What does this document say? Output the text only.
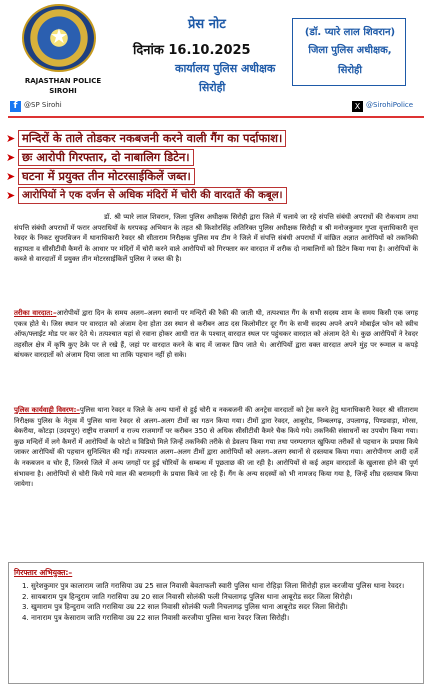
★
RAJASTHAN POLICE
SIROHI
प्रेस नोट
दिनांक 16.10.2025
कार्यालय पुलिस अधीक्षक
सिरोही
(डॉ. प्यारे लाल शिवरान)
जिला पुलिस अधीक्षक,
सिरोही
f @SP Sirohi	X @SirohiPolice
➤ मन्दिरों के ताले तोडकर नकबजनी करने वाली गैंग का पर्दाफाश।
➤ छः आरोपी गिरफ्तार, दो नाबालिग डिटेन।
➤ घटना में प्रयुक्त तीन मोटरसाईकिलें जब्त।
➤ आरोपियों ने एक दर्जन से अधिक मंदिरों में चोरी की वारदातें की कबूल।
डॉ. श्री प्यारे लाल शिवरान, जिला पुलिस अधीक्षक सिरोही द्वारा जिले में चलाये जा रहे संपत्ति संबंधी अपराधों की रोकथाम तथा संपत्ति संबंधी अपराधों में फरार अपराधियों के धरपकड़ अभियान के तहत श्री किशोरसिंह अतिरिक्त पुलिस अधीक्षक सिरोही व श्री मनोजकुमार गुप्ता वृत्ताधिकारी वृत्त रेवदर के निकट सुपरविजन में थानाधिकारी रेवदर श्री सीताराम निरीक्षक पुलिस मय टीम ने जिले में संपत्ति संबंधी अपराधों में वांछित अज्ञात आरोपियों को तकनिकी सहायता व सीसीटीवी कैमरों के आधार पर मंदिरों में चोरी करने वाले आरोपियों को गिरफ्तार कर वारदात में शरीक दो नाबालिगों को डिटेन किया गया है। आरोपियों के कब्जे से वारदातों में प्रयुक्त तीन मोटरसाईकिलें पुलिस ने जब्त की है।
तरीका वारदात:–आरोपीयों द्वारा दिन के समय अलग–अलग स्थानों पर मन्दिरों की रैकी की जाती थी, तत्पश्चात गैंग के सभी सदस्य शाम के समय किसी एक जगह एकत्र होते थे। जिस स्थान पर वारदात को अंजाम देना होता उस स्थान से करीबन आठ दस किलोमीटर दूर गैंग के सभी सदस्य अपने अपने मोबाईल फोन को स्वीच ऑफ/फ्लाईट मोड पर कर देते थे। तत्पश्चात यहां से रवाना होकर आधी रात के पश्चात् वारदात स्थल पर पहुंचकर वारदात को अंजाम देते थे। कुछ आरोपियों ने रेवदर तहसील क्षेत्र में कृषि कुए ठेके पर ले रखे हैं, जहां पर वारदात करने के बाद में जाकर छिप जाते थे। आरोपियों द्वारा वक्त वारदात अपने मुंह पर रूमाल व कपड़े बांधकर वारदातों को अंजाम दिया जाता था ताकि पहचान नहीं हो सके।
पुलिस कार्यवाही विवरण:–पुलिस थाना रेवदर व जिले के अन्य थानों से हुई चोरी व नकबजनी की अनट्रेस वारदातों को ट्रेस करने हेतु थानाधिकारी रेवदर श्री सीताराम निरीक्षक पुलिस के नेतृत्व में पुलिस थाना रेवदर से अलग–अलग टीमों का गठन किया गया। टीमों द्वारा रेवदर, आबूरोड, निम्बलगढ़, उपलागढ़, पिण्डवाड़ा, मोरस, बेकरीया, कोटड़ा (उदयपुर) राष्ट्रीय राजमार्ग व राज्य राजमार्गों पर करीबन 350 से अधिक सीसीटीवी कैमरे चैक किये गये। तकनिकी संसाधनों का उपयोग किया गया। कुछ मन्दिरों में लगे कैमरों में आरोपियों के फोटो व विडियो मिले जिन्हें तकनिकी तरीके से डेवलप किया गया तथा परम्परागत खुफिया तरीकों से पहचान के प्रयास किये जाकर आरोपियों की पहचान सुनिश्चित की गई। तत्पश्चात अलग–अलग टीमों द्वारा आरोपियों को अलग–अलग स्थानों से दस्तयाब किया गया। आरोपीगण आदी दर्जे के नकबजन व चोर हैं, जिनसे जिले में अन्य जगहों पर हुई चोरियों के सम्बन्ध में पूछताछ की जा रही है। आरोपियों से कई अहम वारदातों के खुलासा होने की पूर्ण संभावना है। आरोपियों से चोरी किये गये माल की बरामदगी के प्रयास किये जा रहे हैं। गैंग के अन्य सदस्यों को भी नामजद किया गया है, जिन्हें शीघ्र दस्तयाब किया जायेगा।
गिरफ्तार अभियुक्त:–
1. सुरेशकुमार पुत्र कालाराम जाति गरासिया उम्र 25 साल निवासी बेवताफली स्वारी पुलिस थाना रोहिड़ा जिला सिरोही हाल करजीया पुलिस थाना रेवदर।
2. सायबाराम पुत्र हिन्दुराम जाति गरासिया उम्र 20 साल निवासी सोलंकी फली निचलागढ़ पुलिस थाना आबूरोड सदर जिला सिरोही।
3. खुमाराम पुत्र हिन्दुराम जाति गरासिया उम्र 22 साल निवासी सोलंकी फली निचलागढ़ पुलिस थाना आबूरोड सदर जिला सिरोही।
4. नानाराम पुत्र केसाराम जाति गरासिया उम्र 22 साल निवासी करजीया पुलिस थाना रेवदर जिला सिरोही।
